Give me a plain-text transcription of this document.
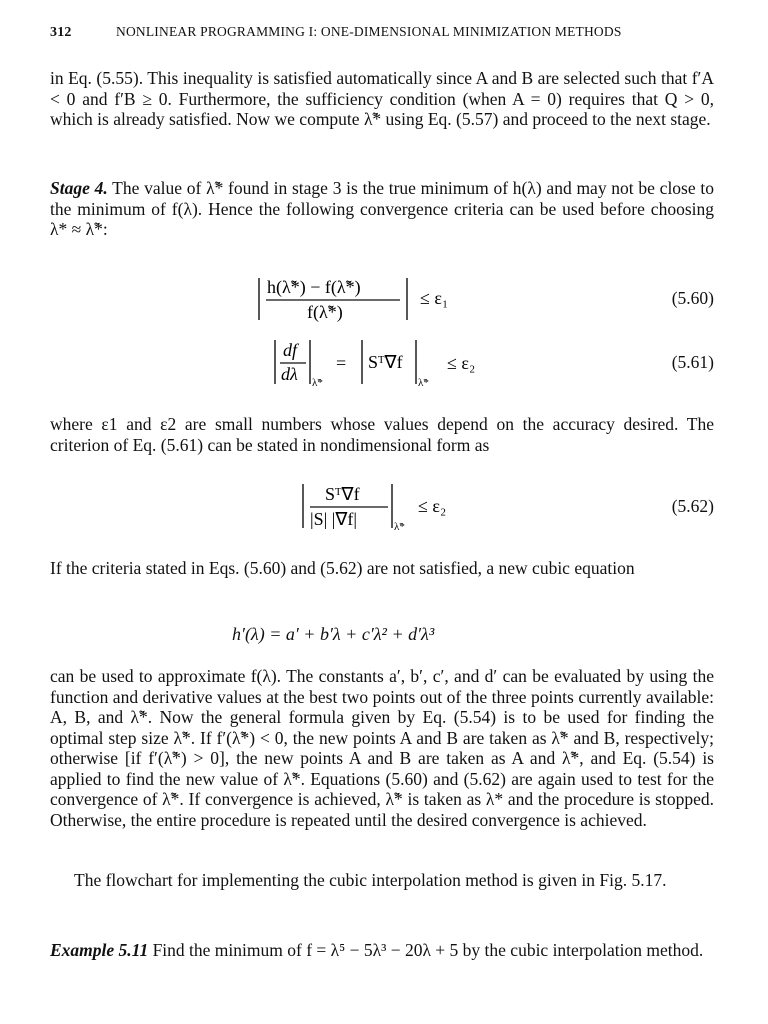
312	NONLINEAR PROGRAMMING I: ONE-DIMENSIONAL MINIMIZATION METHODS

in Eq. (5.55). This inequality is satisfied automatically since A and B are selected such that f′A < 0 and f′B ≥ 0. Furthermore, the sufficiency condition (when A = 0) requires that Q > 0, which is already satisfied. Now we compute λ̃* using Eq. (5.57) and proceed to the next stage.

Stage 4. The value of λ̃* found in stage 3 is the true minimum of h(λ) and may not be close to the minimum of f(λ). Hence the following convergence criteria can be used before choosing λ* ≈ λ̃*:

h(λ̃*) − f(λ̃*)
f(λ̃*)
≤ ε₁	(5.60)
df
dλ λ̃*
= Sᵀ∇f
λ̃*
≤ ε₂	(5.61)

where ε1 and ε2 are small numbers whose values depend on the accuracy desired. The criterion of Eq. (5.61) can be stated in nondimensional form as

Sᵀ∇f
|S| |∇f|	λ̃*
≤ ε₂	(5.62)

If the criteria stated in Eqs. (5.60) and (5.62) are not satisfied, a new cubic equation

h′(λ) = a′ + b′λ + c′λ² + d′λ³

can be used to approximate f(λ). The constants a′, b′, c′, and d′ can be evaluated by using the function and derivative values at the best two points out of the three points currently available: A, B, and λ̃*. Now the general formula given by Eq. (5.54) is to be used for finding the optimal step size λ̃*. If f′(λ̃*) < 0, the new points A and B are taken as λ̃* and B, respectively; otherwise [if f′(λ̃*) > 0], the new points A and B are taken as A and λ̃*, and Eq. (5.54) is applied to find the new value of λ̃*. Equations (5.60) and (5.62) are again used to test for the convergence of λ̃*. If convergence is achieved, λ̃* is taken as λ* and the procedure is stopped. Otherwise, the entire procedure is repeated until the desired convergence is achieved.

The flowchart for implementing the cubic interpolation method is given in Fig. 5.17.

Example 5.11 Find the minimum of f = λ⁵ − 5λ³ − 20λ + 5 by the cubic interpolation method.
